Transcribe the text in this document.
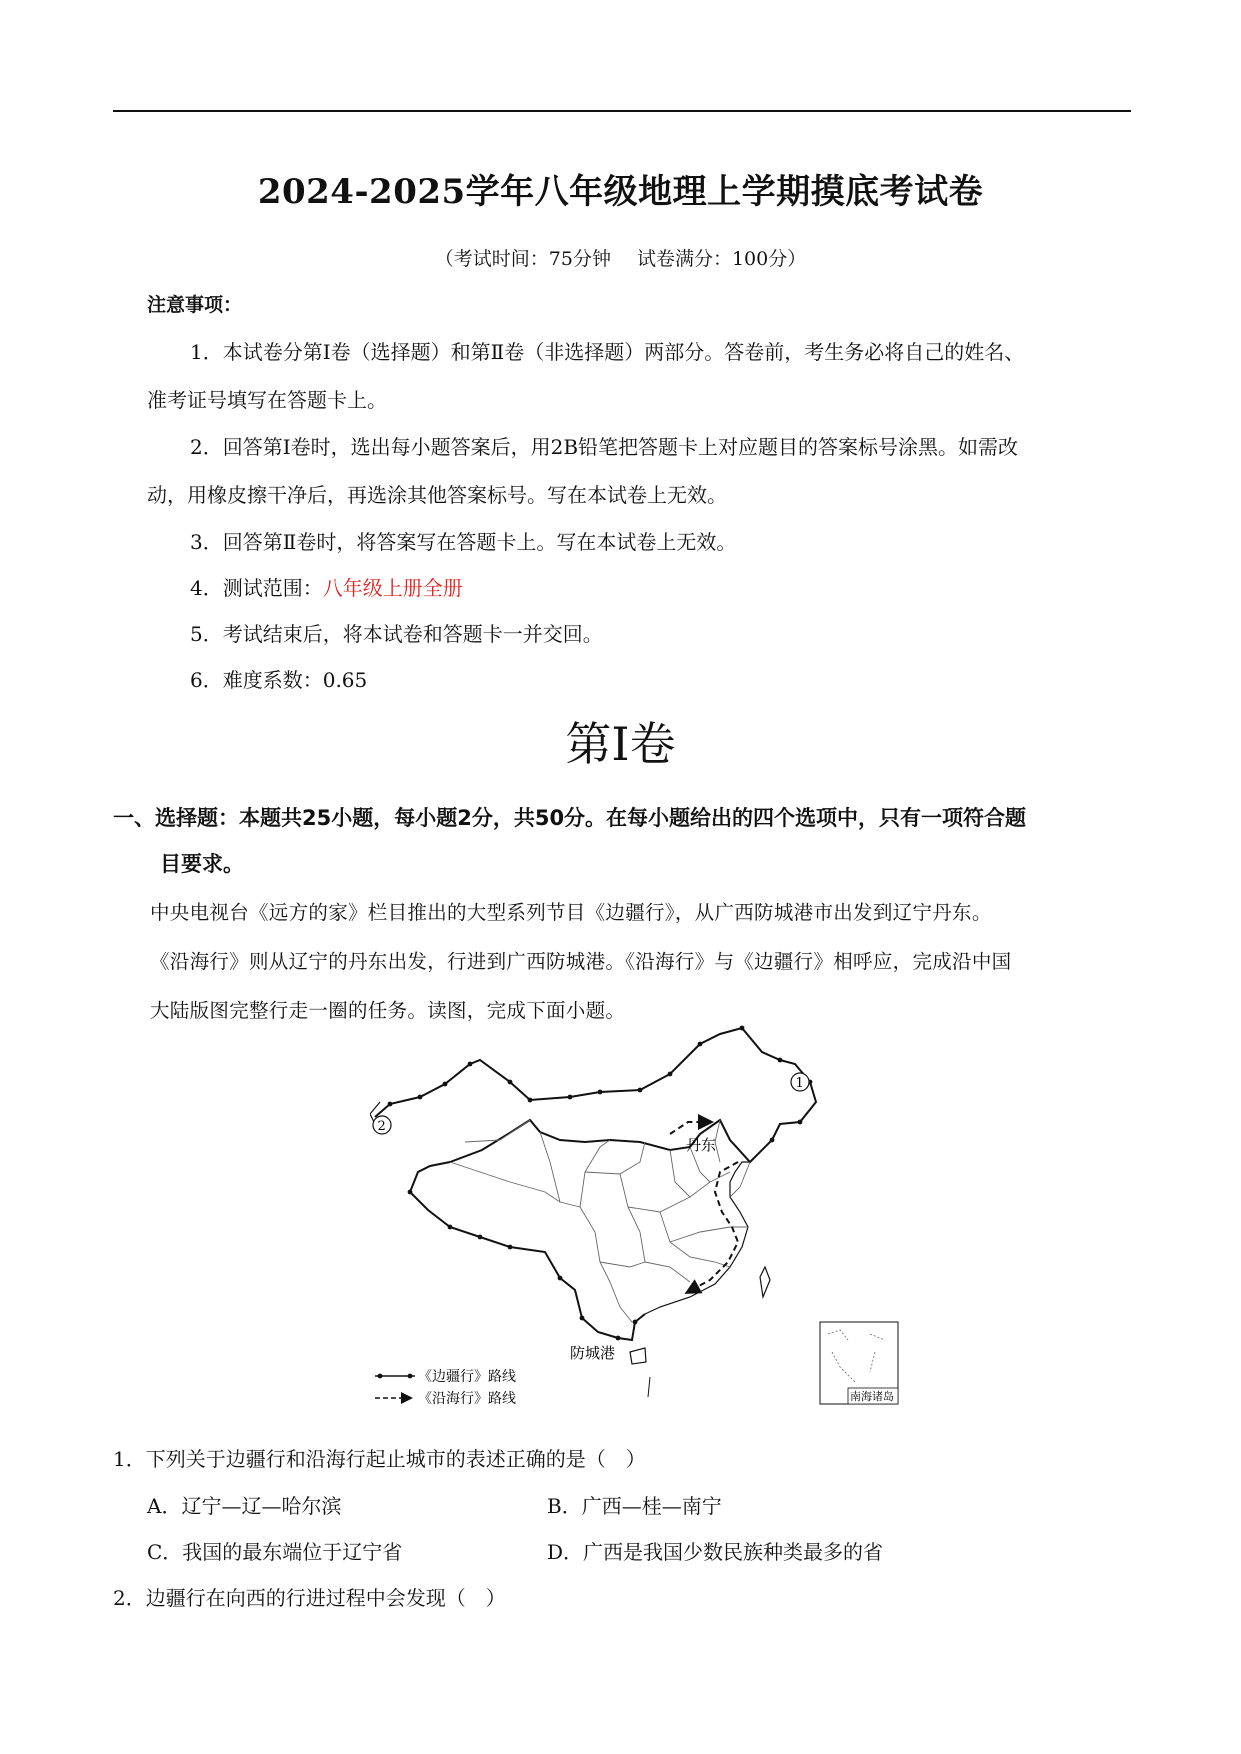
2024-2025学年八年级地理上学期摸底考试卷
（考试时间：75分钟 试卷满分：100分）
注意事项：
1．本试卷分第Ⅰ卷（选择题）和第Ⅱ卷（非选择题）两部分。答卷前，考生务必将自己的姓名、
准考证号填写在答题卡上。
2．回答第Ⅰ卷时，选出每小题答案后，用2B铅笔把答题卡上对应题目的答案标号涂黑。如需改
动，用橡皮擦干净后，再选涂其他答案标号。写在本试卷上无效。
3．回答第Ⅱ卷时，将答案写在答题卡上。写在本试卷上无效。
4．测试范围：八年级上册全册
5．考试结束后，将本试卷和答题卡一并交回。
6．难度系数：0.65
第Ⅰ卷
一、选择题：本题共25小题，每小题2分，共50分。在每小题给出的四个选项中，只有一项符合题
目要求。
中央电视台《远方的家》栏目推出的大型系列节目《边疆行》，从广西防城港市出发到辽宁丹东。
《沿海行》则从辽宁的丹东出发，行进到广西防城港。《沿海行》与《边疆行》相呼应，完成沿中国
大陆版图完整行走一圈的任务。读图，完成下面小题。
1
2
丹东
防城港
《边疆行》路线
《沿海行》路线	南海诸岛
1．下列关于边疆行和沿海行起止城市的表述正确的是（　）
A．辽宁—辽—哈尔滨	B．广西—桂—南宁
C．我国的最东端位于辽宁省	D．广西是我国少数民族种类最多的省
2．边疆行在向西的行进过程中会发现（　）
